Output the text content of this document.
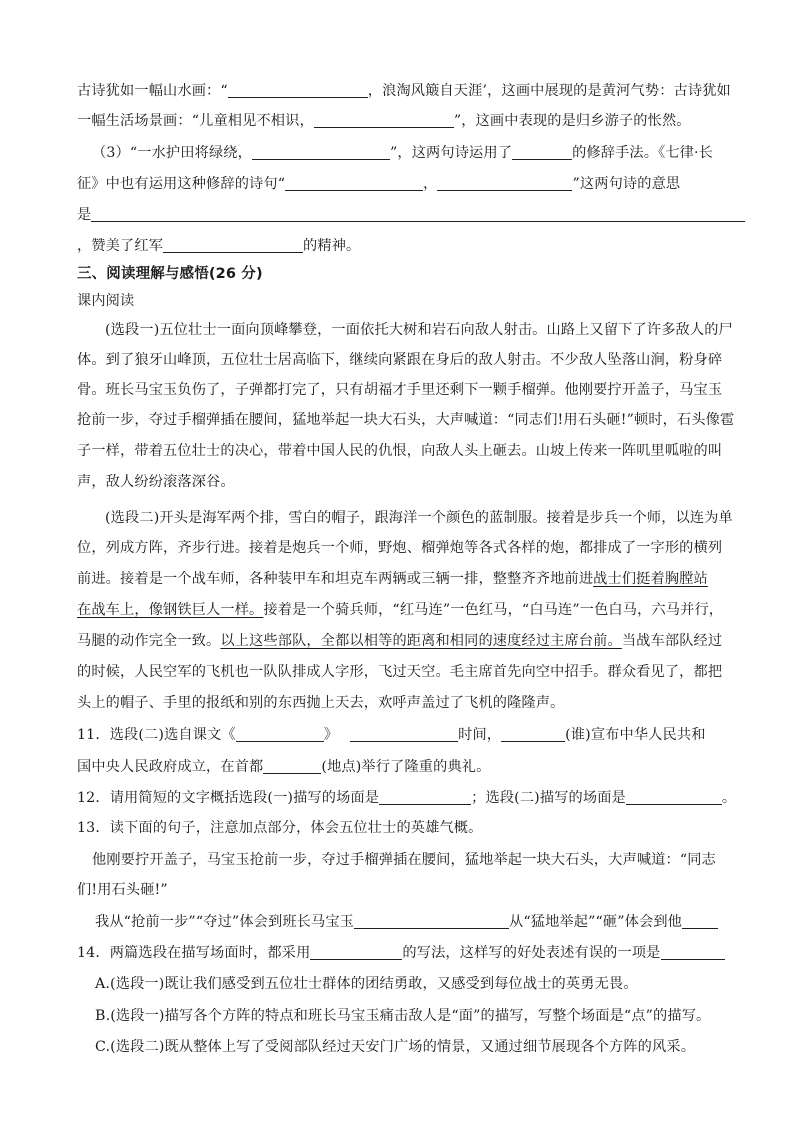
古诗犹如一幅山水画：“	，浪淘风簸自天涯’，这画中展现的是黄河气势：古诗犹如
一幅生活场景画：“儿童相见不相识，	”，这画中表现的是归乡游子的怅然。
（3）“一水护田将绿绕，	”，这两句诗运用了	的修辞手法。《七律·长
征》中也有运用这种修辞的诗句“	，	”这两句诗的意思
是
，赞美了红军	的精神。
三、阅读理解与感悟(26 分)
课内阅读
(选段一)五位壮士一面向顶峰攀登，一面依托大树和岩石向敌人射击。山路上又留下了许多敌人的尸
体。到了狼牙山峰顶，五位壮士居高临下，继续向紧跟在身后的敌人射击。不少敌人坠落山涧，粉身碎
骨。班长马宝玉负伤了，子弹都打完了，只有胡福才手里还剩下一颗手榴弹。他刚要拧开盖子，马宝玉
抢前一步，夺过手榴弹插在腰间，猛地举起一块大石头，大声喊道：“同志们!用石头砸!”顿时，石头像雹
子一样，带着五位壮士的决心，带着中国人民的仇恨，向敌人头上砸去。山坡上传来一阵叽里呱啦的叫
声，敌人纷纷滚落深谷。
(选段二)开头是海军两个排，雪白的帽子，跟海洋一个颜色的蓝制服。接着是步兵一个师，以连为单
位，列成方阵，齐步行进。接着是炮兵一个师，野炮、榴弹炮等各式各样的炮，都排成了一字形的横列
前进。接着是一个战车师，各种装甲车和坦克车两辆或三辆一排，整整齐齐地前进战士们挺着胸膛站
在战车上，像钢铁巨人一样。接着是一个骑兵师，“红马连”一色红马，“白马连”一色白马，六马并行，
马腿的动作完全一致。以上这些部队，全都以相等的距离和相同的速度经过主席台前。当战车部队经过
的时候，人民空军的飞机也一队队排成人字形，飞过天空。毛主席首先向空中招手。群众看见了，都把
头上的帽子、手里的报纸和别的东西抛上天去，欢呼声盖过了飞机的隆隆声。
11．选段(二)选自课文《	》	时间，	(谁)宣布中华人民共和
国中央人民政府成立，在首都	(地点)举行了隆重的典礼。
12．请用简短的文字概括选段(一)描写的场面是	；选段(二)描写的场面是	。
13．读下面的句子，注意加点部分，体会五位壮士的英雄气概。
他刚要拧开盖子，马宝玉抢前一步，夺过手榴弹插在腰间，猛地举起一块大石头，大声喊道：“同志
们!用石头砸!”
我从“抢前一步”“夺过”体会到班长马宝玉	从“猛地举起”“砸”体会到他
14．两篇选段在描写场面时，都采用	的写法，这样写的好处表述有误的一项是
A.(选段一)既让我们感受到五位壮士群体的团结勇敢，又感受到每位战士的英勇无畏。
B.(选段一)描写各个方阵的特点和班长马宝玉痛击敌人是“面”的描写，写整个场面是“点”的描写。
C.(选段二)既从整体上写了受阅部队经过天安门广场的情景，又通过细节展现各个方阵的风采。
